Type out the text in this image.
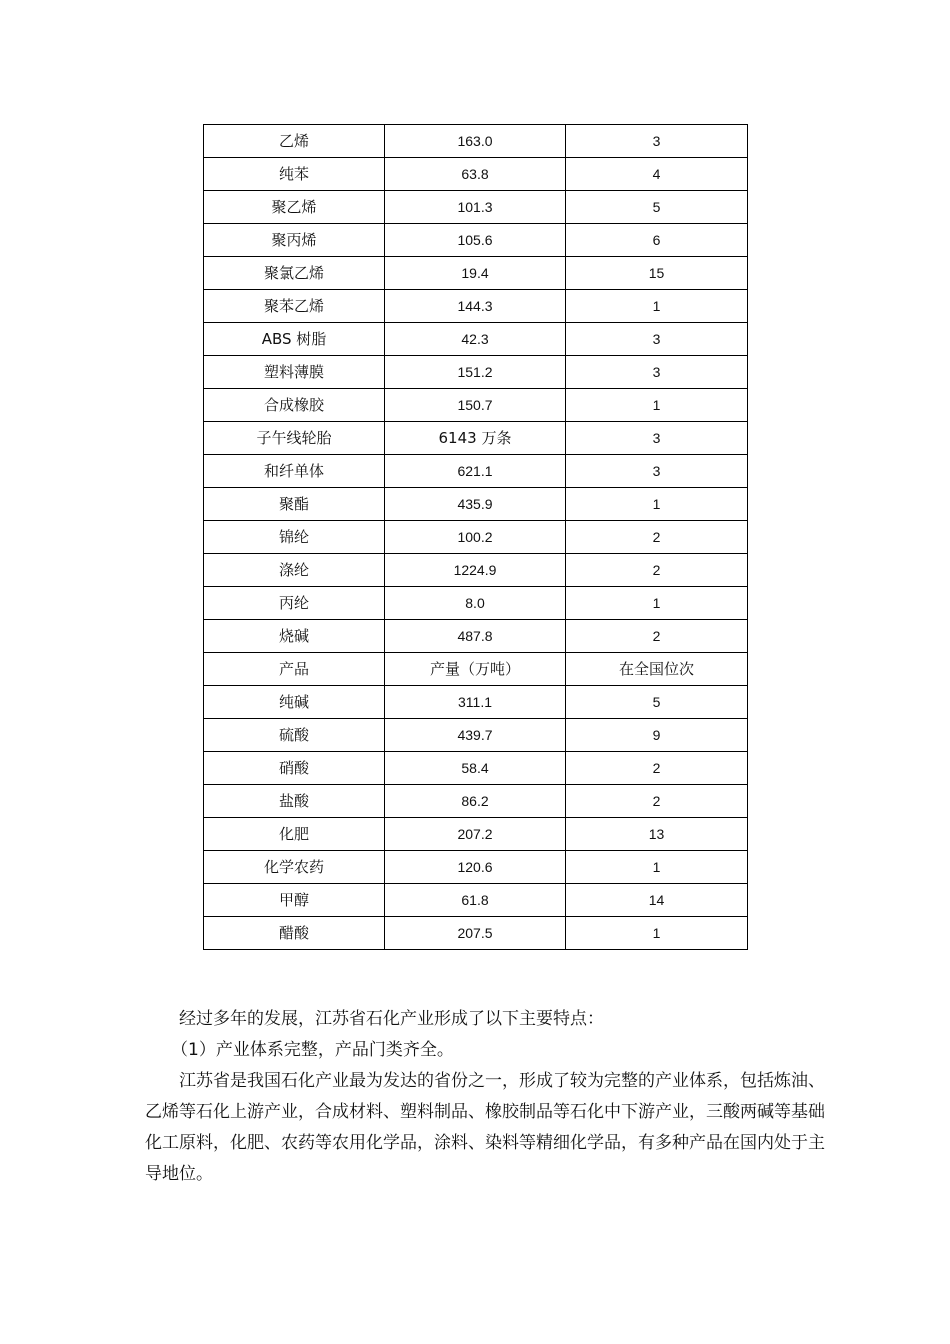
乙烯	163.0	3
纯苯	63.8	4
聚乙烯	101.3	5
聚丙烯	105.6	6
聚氯乙烯	19.4	15
聚苯乙烯	144.3	1
ABS 树脂	42.3	3
塑料薄膜	151.2	3
合成橡胶	150.7	1
子午线轮胎	6143 万条	3
和纤单体	621.1	3
聚酯	435.9	1
锦纶	100.2	2
涤纶	1224.9	2
丙纶	8.0	1
烧碱	487.8	2
产品	产量（万吨）	在全国位次
纯碱	311.1	5
硫酸	439.7	9
硝酸	58.4	2
盐酸	86.2	2
化肥	207.2	13
化学农药	120.6	1
甲醇	61.8	14
醋酸	207.5	1

经过多年的发展，江苏省石化产业形成了以下主要特点：

（1）产业体系完整，产品门类齐全。

江苏省是我国石化产业最为发达的省份之一，形成了较为完整的产业体系，包括炼油、乙烯等石化上游产业，合成材料、塑料制品、橡胶制品等石化中下游产业，三酸两碱等基础化工原料，化肥、农药等农用化学品，涂料、染料等精细化学品，有多种产品在国内处于主导地位。
